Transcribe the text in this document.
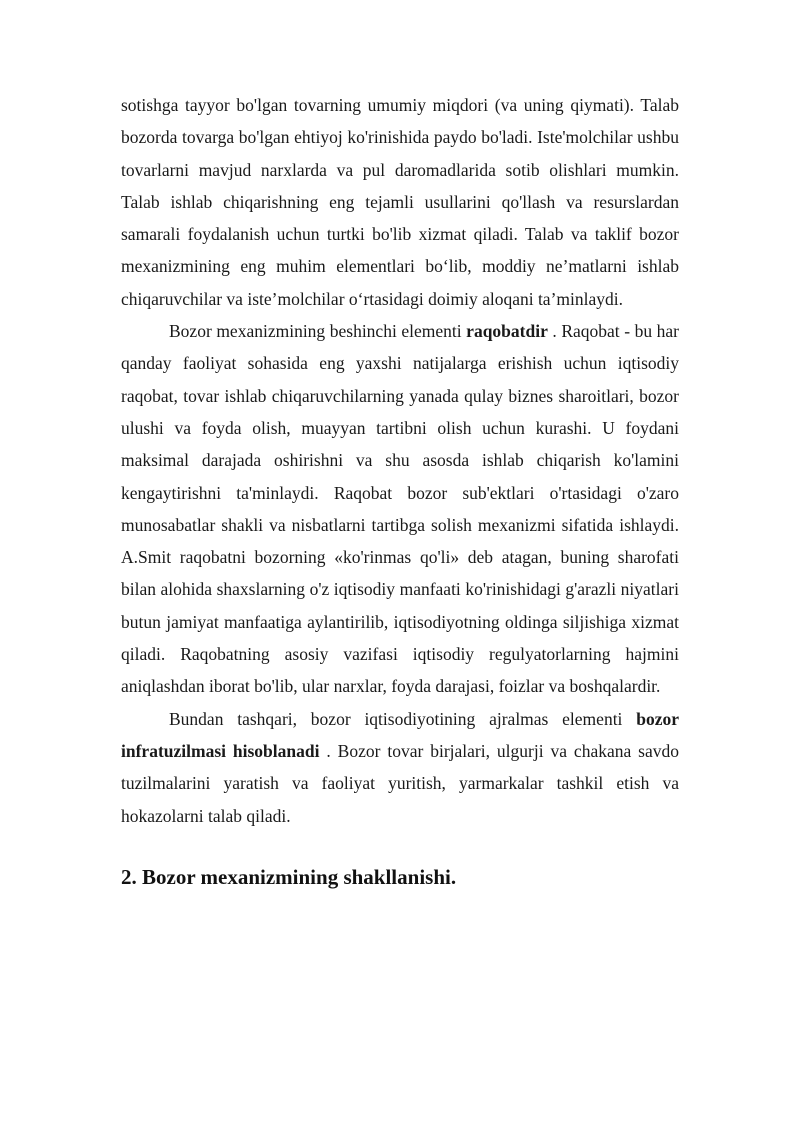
sotishga tayyor bo'lgan tovarning umumiy miqdori (va uning qiymati). Talab bozorda tovarga bo'lgan ehtiyoj ko'rinishida paydo bo'ladi. Iste'molchilar ushbu tovarlarni mavjud narxlarda va pul daromadlarida sotib olishlari mumkin. Talab ishlab chiqarishning eng tejamli usullarini qo'llash va resurslardan samarali foydalanish uchun turtki bo'lib xizmat qiladi. Talab va taklif bozor mexanizmining eng muhim elementlari bo‘lib, moddiy ne’matlarni ishlab chiqaruvchilar va iste’molchilar o‘rtasidagi doimiy aloqani ta’minlaydi.

Bozor mexanizmining beshinchi elementi raqobatdir . Raqobat - bu har qanday faoliyat sohasida eng yaxshi natijalarga erishish uchun iqtisodiy raqobat, tovar ishlab chiqaruvchilarning yanada qulay biznes sharoitlari, bozor ulushi va foyda olish, muayyan tartibni olish uchun kurashi. U foydani maksimal darajada oshirishni va shu asosda ishlab chiqarish ko'lamini kengaytirishni ta'minlaydi. Raqobat bozor sub'ektlari o'rtasidagi o'zaro munosabatlar shakli va nisbatlarni tartibga solish mexanizmi sifatida ishlaydi. A.Smit raqobatni bozorning «ko'rinmas qo'li» deb atagan, buning sharofati bilan alohida shaxslarning o'z iqtisodiy manfaati ko'rinishidagi g'arazli niyatlari butun jamiyat manfaatiga aylantirilib, iqtisodiyotning oldinga siljishiga xizmat qiladi. Raqobatning asosiy vazifasi iqtisodiy regulyatorlarning hajmini aniqlashdan iborat bo'lib, ular narxlar, foyda darajasi, foizlar va boshqalardir.

Bundan tashqari, bozor iqtisodiyotining ajralmas elementi bozor infratuzilmasi hisoblanadi . Bozor tovar birjalari, ulgurji va chakana savdo tuzilmalarini yaratish va faoliyat yuritish, yarmarkalar tashkil etish va hokazolarni talab qiladi.

2. Bozor mexanizmining shakllanishi.
